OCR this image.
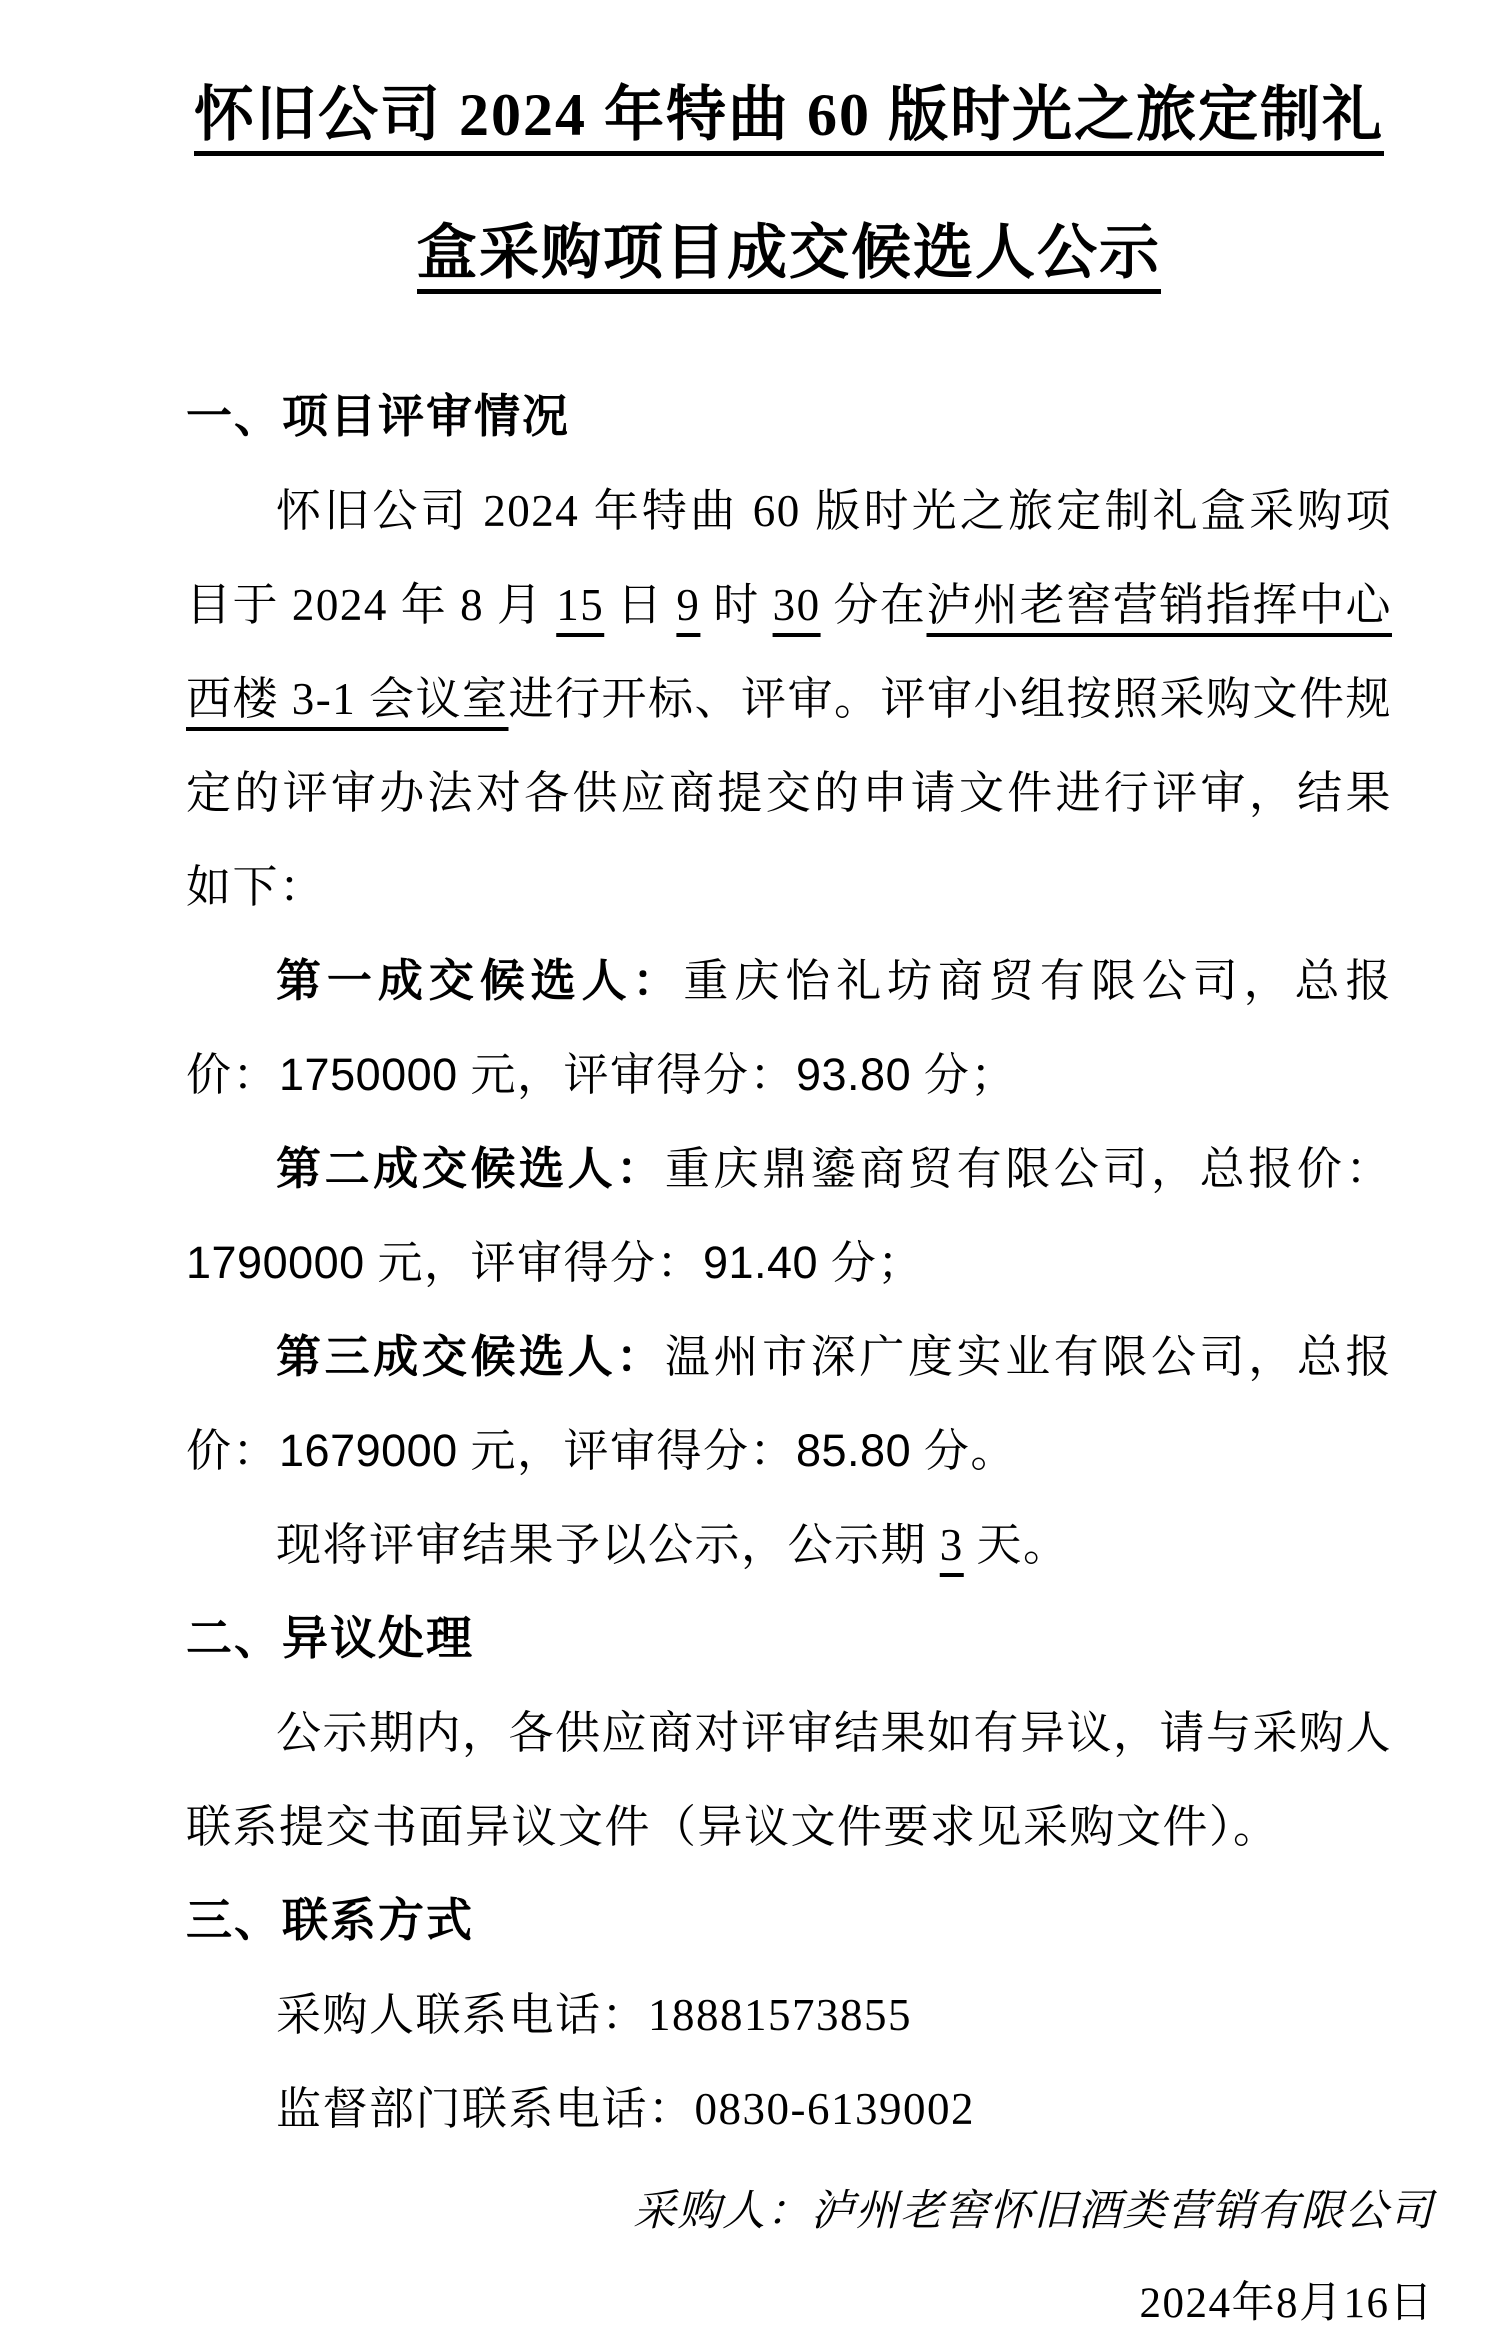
怀旧公司 2024 年特曲 60 版时光之旅定制礼
盒采购项目成交候选人公示
一、项目评审情况

怀旧公司 2024 年特曲 60 版时光之旅定制礼盒采购项目于 2024 年 8 月 15 日 9 时 30 分在泸州老窖营销指挥中心西楼 3-1 会议室进行开标、评审。评审小组按照采购文件规定的评审办法对各供应商提交的申请文件进行评审，结果如下：

第一成交候选人：重庆怡礼坊商贸有限公司，总报价：1750000 元，评审得分：93.80 分；

第二成交候选人：重庆鼎鎏商贸有限公司，总报价：1790000 元，评审得分：91.40 分；

第三成交候选人：温州市深广度实业有限公司，总报价：1679000 元，评审得分：85.80 分。

现将评审结果予以公示，公示期 3 天。

二、异议处理

公示期内，各供应商对评审结果如有异议，请与采购人联系提交书面异议文件（异议文件要求见采购文件）。

三、联系方式

采购人联系电话：18881573855

监督部门联系电话：0830-6139002

采购人：泸州老窖怀旧酒类营销有限公司

2024年8月16日
